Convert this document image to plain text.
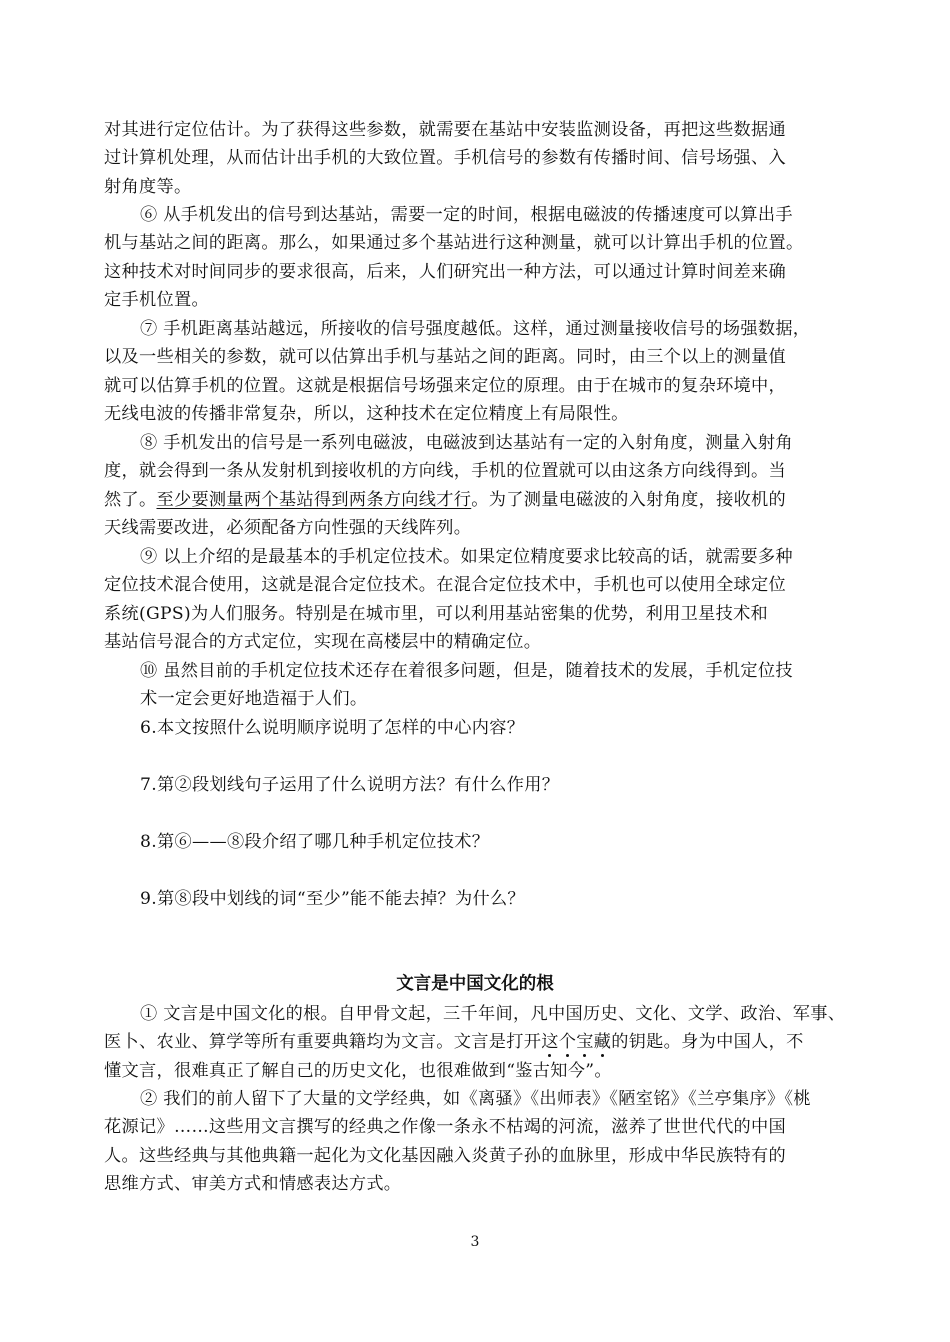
对其进行定位估计。为了获得这些参数，就需要在基站中安装监测设备，再把这些数据通
过计算机处理，从而估计出手机的大致位置。手机信号的参数有传播时间、信号场强、入
射角度等。
⑥ 从手机发出的信号到达基站，需要一定的时间，根据电磁波的传播速度可以算出手
机与基站之间的距离。那么，如果通过多个基站进行这种测量，就可以计算出手机的位置。
这种技术对时间同步的要求很高，后来，人们研究出一种方法，可以通过计算时间差来确
定手机位置。
⑦ 手机距离基站越远，所接收的信号强度越低。这样，通过测量接收信号的场强数据，
以及一些相关的参数，就可以估算出手机与基站之间的距离。同时，由三个以上的测量值
就可以估算手机的位置。这就是根据信号场强来定位的原理。由于在城市的复杂环境中，
无线电波的传播非常复杂，所以，这种技术在定位精度上有局限性。
⑧ 手机发出的信号是一系列电磁波，电磁波到达基站有一定的入射角度，测量入射角
度，就会得到一条从发射机到接收机的方向线，手机的位置就可以由这条方向线得到。当
然了。至少要测量两个基站得到两条方向线才行。为了测量电磁波的入射角度，接收机的
天线需要改进，必须配备方向性强的天线阵列。
⑨ 以上介绍的是最基本的手机定位技术。如果定位精度要求比较高的话，就需要多种
定位技术混合使用，这就是混合定位技术。在混合定位技术中，手机也可以使用全球定位
系统(GPS)为人们服务。特别是在城市里，可以利用基站密集的优势，利用卫星技术和
基站信号混合的方式定位，实现在高楼层中的精确定位。
⑩ 虽然目前的手机定位技术还存在着很多问题，但是，随着技术的发展，手机定位技
术一定会更好地造福于人们。
6.本文按照什么说明顺序说明了怎样的中心内容？
7.第②段划线句子运用了什么说明方法？有什么作用？
8.第⑥——⑧段介绍了哪几种手机定位技术？
9.第⑧段中划线的词“至少”能不能去掉？为什么？
文言是中国文化的根
① 文言是中国文化的根。自甲骨文起，三千年间，凡中国历史、文化、文学、政治、军事、
医卜、农业、算学等所有重要典籍均为文言。文言是打开这个宝藏的钥匙。身为中国人，不
懂文言，很难真正了解自己的历史文化，也很难做到“鉴古知今”。
② 我们的前人留下了大量的文学经典，如《离骚》《出师表》《陋室铭》《兰亭集序》《桃
花源记》……这些用文言撰写的经典之作像一条永不枯竭的河流，滋养了世世代代的中国
人。这些经典与其他典籍一起化为文化基因融入炎黄子孙的血脉里，形成中华民族特有的
思维方式、审美方式和情感表达方式。
3
